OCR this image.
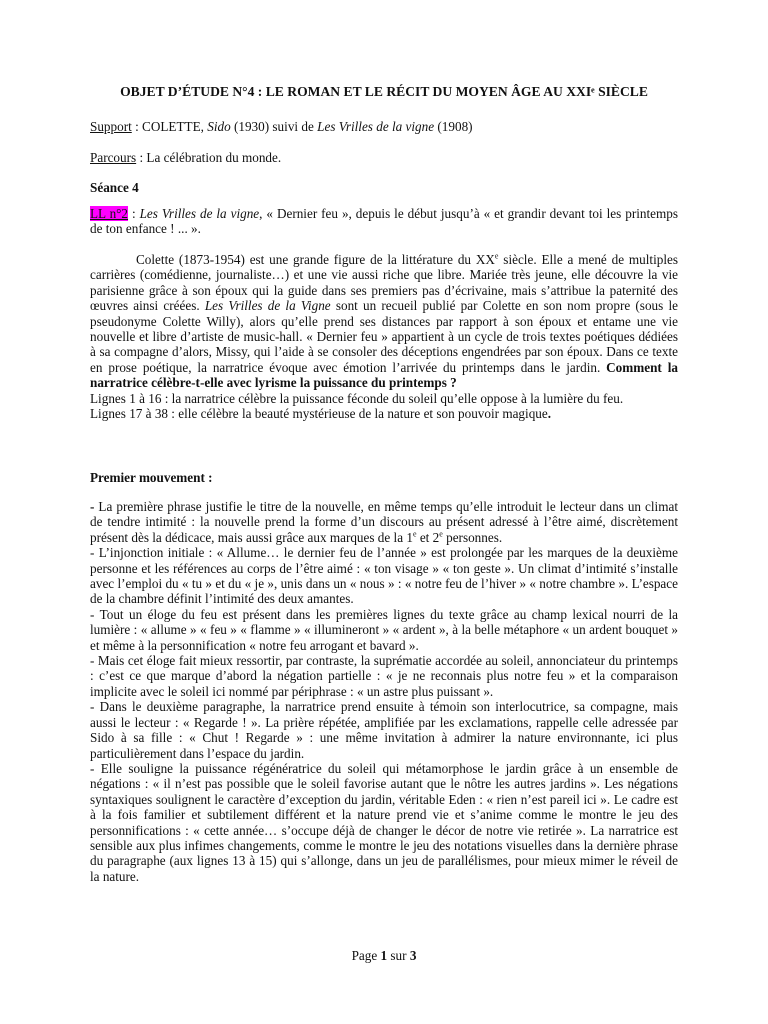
OBJET D’ÉTUDE N°4 : LE ROMAN ET LE RÉCIT DU MOYEN ÂGE AU XXIᵉ SIÈCLE
Support : COLETTE, Sido (1930) suivi de Les Vrilles de la vigne (1908)
Parcours : La célébration du monde.
Séance 4
LL n°2 : Les Vrilles de la vigne, « Dernier feu », depuis le début jusqu’à « et grandir devant toi les printemps de ton enfance ! ... ».

Colette (1873-1954) est une grande figure de la littérature du XXe siècle. Elle a mené de multiples carrières (comédienne, journaliste…) et une vie aussi riche que libre. Mariée très jeune, elle découvre la vie parisienne grâce à son époux qui la guide dans ses premiers pas d’écrivaine, mais s’attribue la paternité des œuvres ainsi créées. Les Vrilles de la Vigne sont un recueil publié par Colette en son nom propre (sous le pseudonyme Colette Willy), alors qu’elle prend ses distances par rapport à son époux et entame une vie nouvelle et libre d’artiste de music-hall. « Dernier feu » appartient à un cycle de trois textes poétiques dédiées à sa compagne d’alors, Missy, qui l’aide à se consoler des déceptions engendrées par son époux. Dans ce texte en prose poétique, la narratrice évoque avec émotion l’arrivée du printemps dans le jardin. Comment la narratrice célèbre-t-elle avec lyrisme la puissance du printemps ?

Lignes 1 à 16 : la narratrice célèbre la puissance féconde du soleil qu’elle oppose à la lumière du feu.

Lignes 17 à 38 : elle célèbre la beauté mystérieuse de la nature et son pouvoir magique.

Premier mouvement :

- La première phrase justifie le titre de la nouvelle, en même temps qu’elle introduit le lecteur dans un climat de tendre intimité : la nouvelle prend la forme d’un discours au présent adressé à l’être aimé, discrètement présent dès la dédicace, mais aussi grâce aux marques de la 1e et 2e personnes.

- L’injonction initiale : « Allume… le dernier feu de l’année » est prolongée par les marques de la deuxième personne et les références au corps de l’être aimé : « ton visage » « ton geste ». Un climat d’intimité s’installe avec l’emploi du « tu » et du « je », unis dans un « nous » : « notre feu de l’hiver » « notre chambre ». L’espace de la chambre définit l’intimité des deux amantes.

- Tout un éloge du feu est présent dans les premières lignes du texte grâce au champ lexical nourri de la lumière : « allume » « feu » « flamme » « illumineront » « ardent », à la belle métaphore « un ardent bouquet » et même à la personnification « notre feu arrogant et bavard ».

- Mais cet éloge fait mieux ressortir, par contraste, la suprématie accordée au soleil, annonciateur du printemps : c’est ce que marque d’abord la négation partielle : « je ne reconnais plus notre feu » et la comparaison implicite avec le soleil ici nommé par périphrase : « un astre plus puissant ».

- Dans le deuxième paragraphe, la narratrice prend ensuite à témoin son interlocutrice, sa compagne, mais aussi le lecteur : « Regarde ! ». La prière répétée, amplifiée par les exclamations, rappelle celle adressée par Sido à sa fille : « Chut ! Regarde » : une même invitation à admirer la nature environnante, ici plus particulièrement dans l’espace du jardin.

- Elle souligne la puissance régénératrice du soleil qui métamorphose le jardin grâce à un ensemble de négations : « il n’est pas possible que le soleil favorise autant que le nôtre les autres jardins ». Les négations syntaxiques soulignent le caractère d’exception du jardin, véritable Eden : « rien n’est pareil ici ». Le cadre est à la fois familier et subtilement différent et la nature prend vie et s’anime comme le montre le jeu des personnifications : « cette année… s’occupe déjà de changer le décor de notre vie retirée ». La narratrice est sensible aux plus infimes changements, comme le montre le jeu des notations visuelles dans la dernière phrase du paragraphe (aux lignes 13 à 15) qui s’allonge, dans un jeu de parallélismes, pour mieux mimer le réveil de la nature.

Page 1 sur 3
